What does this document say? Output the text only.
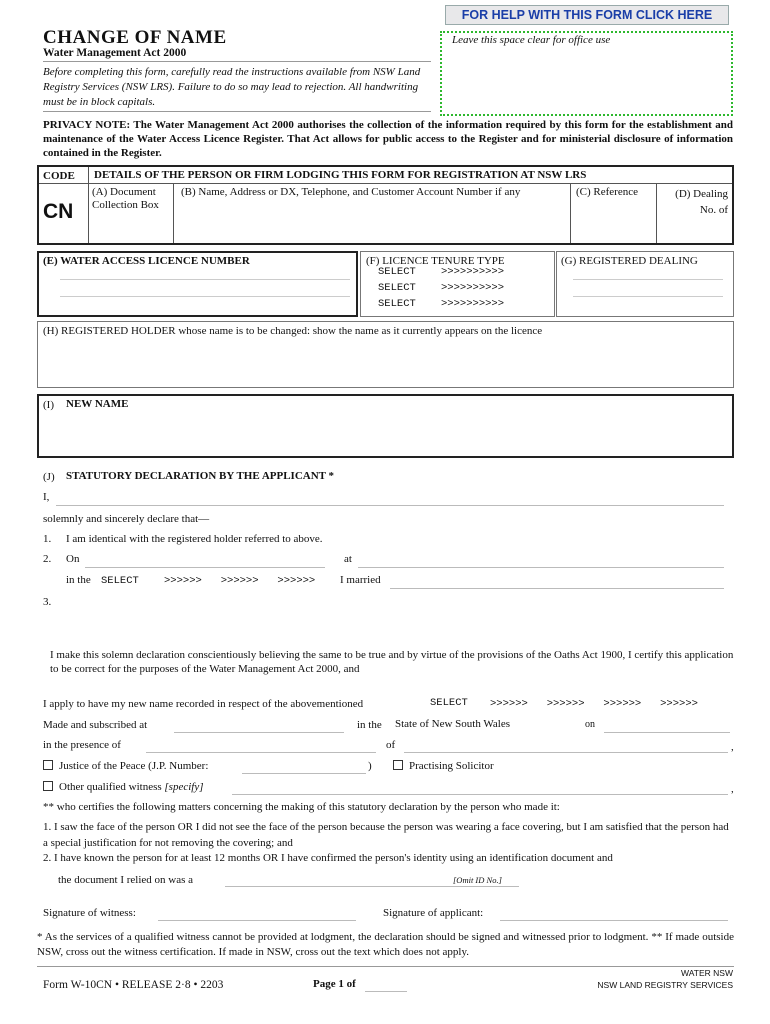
FOR HELP WITH THIS FORM CLICK HERE
Leave this space clear for office use
CHANGE OF NAME
Water Management Act 2000
Before completing this form, carefully read the instructions available from NSW Land Registry Services (NSW LRS). Failure to do so may lead to rejection. All handwriting must be in block capitals.
PRIVACY NOTE: The Water Management Act 2000 authorises the collection of the information required by this form for the establishment and maintenance of the Water Access Licence Register. That Act allows for public access to the Register and for ministerial disclosure of information contained in the Register.
CODE
CN
DETAILS OF THE PERSON OR FIRM LODGING THIS FORM FOR REGISTRATION AT NSW LRS
(A) Document Collection Box
(B) Name, Address or DX, Telephone, and Customer Account Number if any	(C) Reference	(D) Dealing No. of
(E) WATER ACCESS LICENCE NUMBER	(F) LICENCE TENURE TYPE
SELECT    >>>>>>>>>>
SELECT    >>>>>>>>>>
SELECT    >>>>>>>>>>
(G) REGISTERED DEALING
(H) REGISTERED HOLDER whose name is to be changed: show the name as it currently appears on the licence
(I) NEW NAME
(J) STATUTORY DECLARATION BY THE APPLICANT *
I,
solemnly and sincerely declare that—
1. I am identical with the registered holder referred to above.
2. On	at
in the SELECT    >>>>>>   >>>>>>   >>>>>> I married
3.
I make this solemn declaration conscientiously believing the same to be true and by virtue of the provisions of the Oaths Act 1900, I certify this application to be correct for the purposes of the Water Management Act 2000, and
I apply to have my new name recorded in respect of the abovementioned	SELECT >>>>>>   >>>>>>   >>>>>>   >>>>>>
Made and subscribed at	in the State of New South Wales	on
in the presence of	of	,
Justice of the Peace (J.P. Number:	)	Practising Solicitor
Other qualified witness [specify]	,
** who certifies the following matters concerning the making of this statutory declaration by the person who made it:
1. I saw the face of the person OR I did not see the face of the person because the person was wearing a face covering, but I am satisfied that the person had a special justification for not removing the covering; and
2. I have known the person for at least 12 months OR I have confirmed the person's identity using an identification document and
the document I relied on was a	[Omit ID No.]
Signature of witness:	Signature of applicant:
* As the services of a qualified witness cannot be provided at lodgment, the declaration should be signed and witnessed prior to lodgment. ** If made outside NSW, cross out the witness certification. If made in NSW, cross out the text which does not apply.
Form W-10CN • RELEASE 2·8 • 2203	Page 1 of
WATER NSW
NSW LAND REGISTRY SERVICES
